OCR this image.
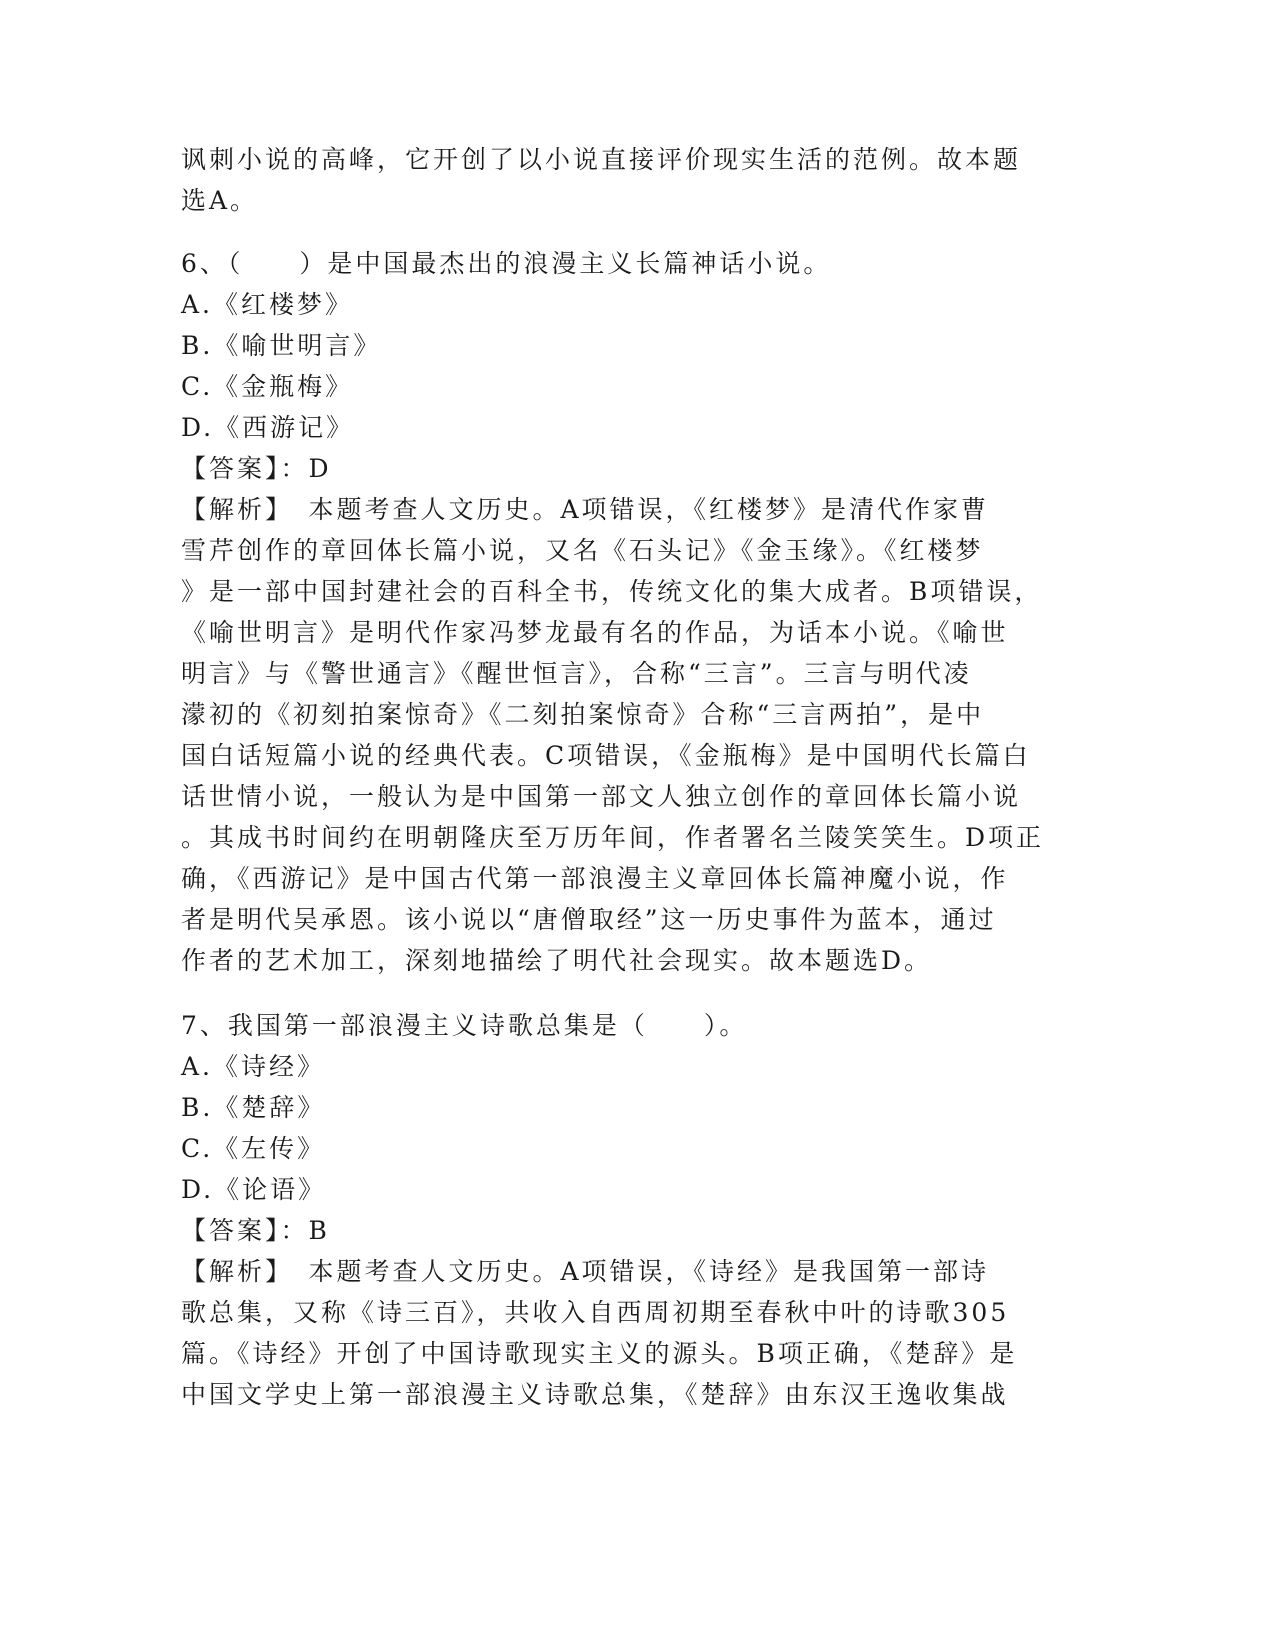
讽刺小说的高峰，它开创了以小说直接评价现实生活的范例。故本题

选A。

6、（　　）是中国最杰出的浪漫主义长篇神话小说。

A.《红楼梦》

B.《喻世明言》

C.《金瓶梅》

D.《西游记》

【答案】：D

【解析】　本题考查人文历史。A项错误，《红楼梦》是清代作家曹

雪芹创作的章回体长篇小说，又名《石头记》《金玉缘》。《红楼梦

》是一部中国封建社会的百科全书，传统文化的集大成者。B项错误，

《喻世明言》是明代作家冯梦龙最有名的作品，为话本小说。《喻世

明言》与《警世通言》《醒世恒言》，合称“三言”。三言与明代凌

濛初的《初刻拍案惊奇》《二刻拍案惊奇》合称“三言两拍”，是中

国白话短篇小说的经典代表。C项错误，《金瓶梅》是中国明代长篇白

话世情小说，一般认为是中国第一部文人独立创作的章回体长篇小说

。其成书时间约在明朝隆庆至万历年间，作者署名兰陵笑笑生。D项正

确，《西游记》是中国古代第一部浪漫主义章回体长篇神魔小说，作

者是明代吴承恩。该小说以“唐僧取经”这一历史事件为蓝本，通过

作者的艺术加工，深刻地描绘了明代社会现实。故本题选D。

7、我国第一部浪漫主义诗歌总集是（　　）。

A.《诗经》

B.《楚辞》

C.《左传》

D.《论语》

【答案】：B

【解析】　本题考查人文历史。A项错误，《诗经》是我国第一部诗

歌总集，又称《诗三百》，共收入自西周初期至春秋中叶的诗歌305

篇。《诗经》开创了中国诗歌现实主义的源头。B项正确，《楚辞》是

中国文学史上第一部浪漫主义诗歌总集，《楚辞》由东汉王逸收集战
